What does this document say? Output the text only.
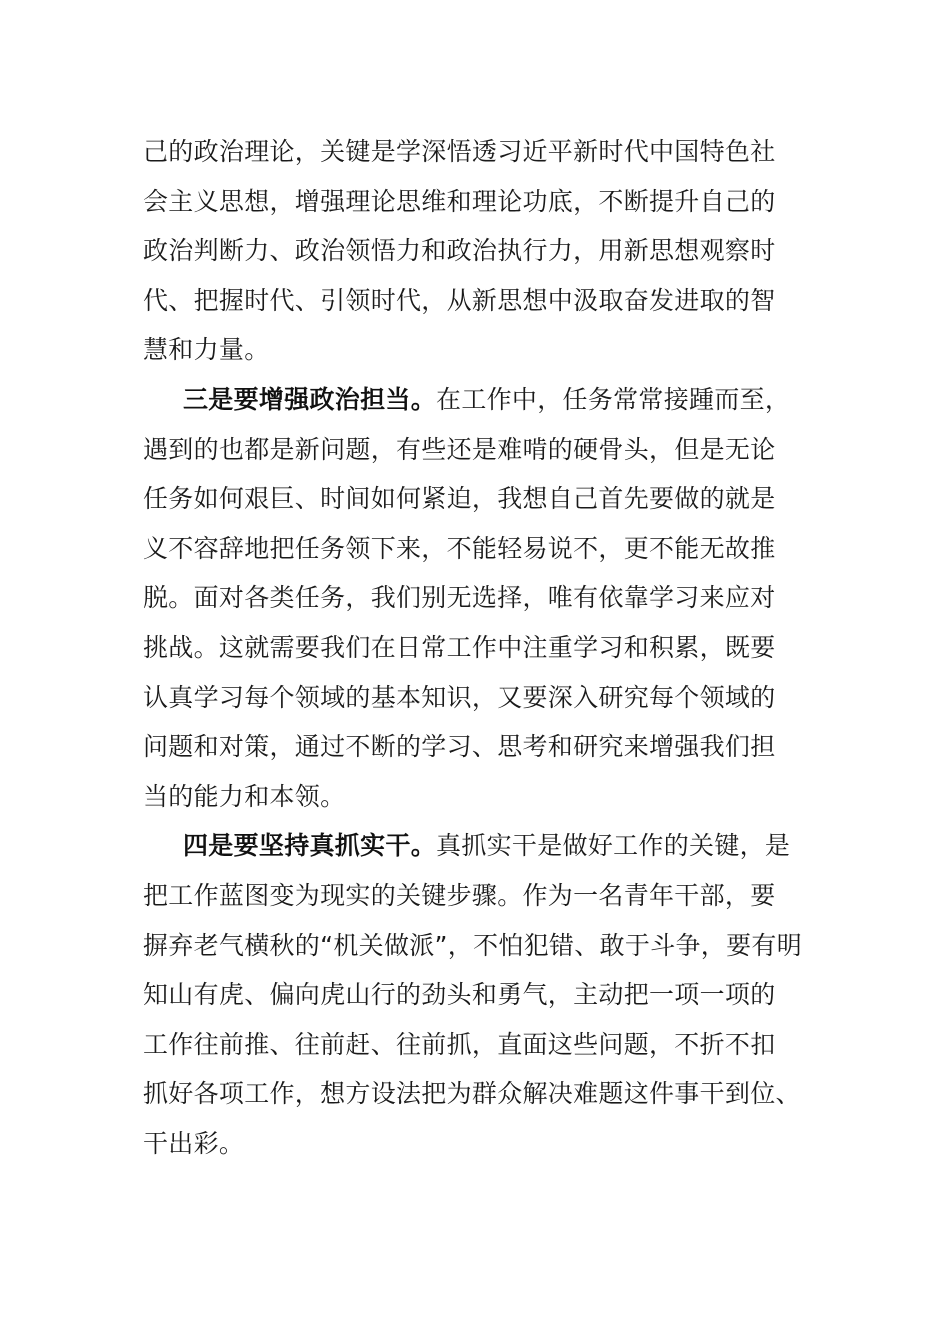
己的政治理论，关键是学深悟透习近平新时代中国特色社
会主义思想，增强理论思维和理论功底，不断提升自己的
政治判断力、政治领悟力和政治执行力，用新思想观察时
代、把握时代、引领时代，从新思想中汲取奋发进取的智
慧和力量。
三是要增强政治担当。在工作中，任务常常接踵而至，
遇到的也都是新问题，有些还是难啃的硬骨头，但是无论
任务如何艰巨、时间如何紧迫，我想自己首先要做的就是
义不容辞地把任务领下来，不能轻易说不，更不能无故推
脱。面对各类任务，我们别无选择，唯有依靠学习来应对
挑战。这就需要我们在日常工作中注重学习和积累，既要
认真学习每个领域的基本知识，又要深入研究每个领域的
问题和对策，通过不断的学习、思考和研究来增强我们担
当的能力和本领。
四是要坚持真抓实干。真抓实干是做好工作的关键，是
把工作蓝图变为现实的关键步骤。作为一名青年干部，要
摒弃老气横秋的“机关做派”，不怕犯错、敢于斗争，要有明
知山有虎、偏向虎山行的劲头和勇气，主动把一项一项的
工作往前推、往前赶、往前抓，直面这些问题，不折不扣
抓好各项工作，想方设法把为群众解决难题这件事干到位、
干出彩。
